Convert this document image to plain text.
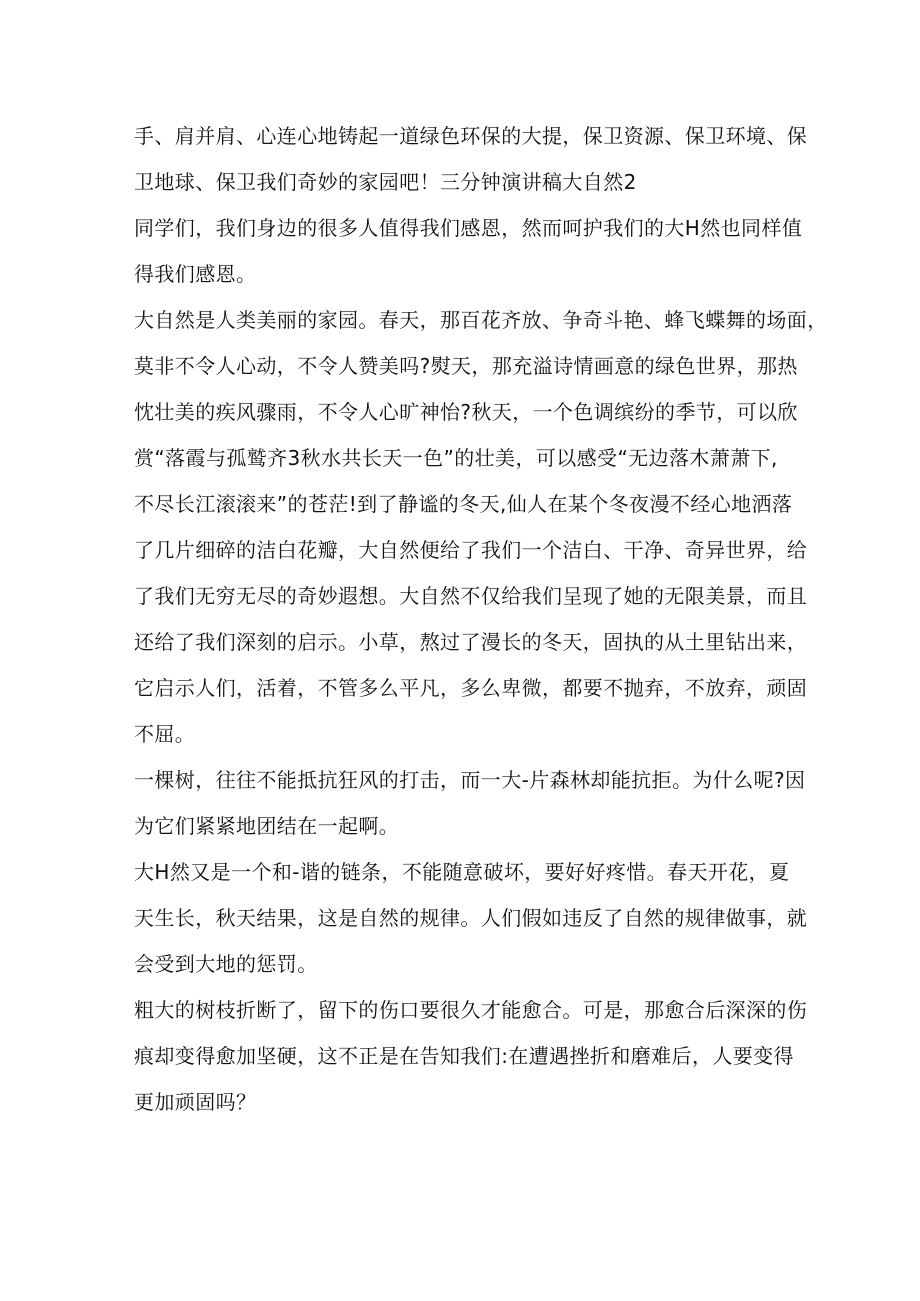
手、肩并肩、心连心地铸起一道绿色环保的大提，保卫资源、保卫环境、保

卫地球、保卫我们奇妙的家园吧！三分钟演讲稿大自然2

同学们，我们身边的很多人值得我们感恩，然而呵护我们的大H然也同样值

得我们感恩。

大自然是人类美丽的家园。春天，那百花齐放、争奇斗艳、蜂飞蝶舞的场面，

莫非不令人心动，不令人赞美吗?熨天，那充溢诗情画意的绿色世界，那热

忱壮美的疾风骤雨，不令人心旷神怡?秋天，一个色调缤纷的季节，可以欣

赏“落霞与孤鹫齐3秋水共长天一色”的壮美，可以感受“无边落木萧萧下,

不尽长江滚滚来”的苍茫!到了静谧的冬天,仙人在某个冬夜漫不经心地洒落

了几片细碎的洁白花瓣，大自然便给了我们一个洁白、干净、奇异世界，给

了我们无穷无尽的奇妙遐想。大自然不仅给我们呈现了她的无限美景，而且

还给了我们深刻的启示。小草，熬过了漫长的冬天，固执的从土里钻出来，

它启示人们，活着，不管多么平凡，多么卑微，都要不抛弃，不放弃，顽固

不屈。

一棵树，往往不能抵抗狂风的打击，而一大-片森林却能抗拒。为什么呢?因

为它们紧紧地团结在一起啊。

大H然又是一个和-谐的链条，不能随意破坏，要好好疼惜。春天开花，夏

天生长，秋天结果，这是自然的规律。人们假如违反了自然的规律做事，就

会受到大地的惩罚。

粗大的树枝折断了，留下的伤口要很久才能愈合。可是，那愈合后深深的伤

痕却变得愈加坚硬，这不正是在告知我们:在遭遇挫折和磨难后，人要变得

更加顽固吗？
